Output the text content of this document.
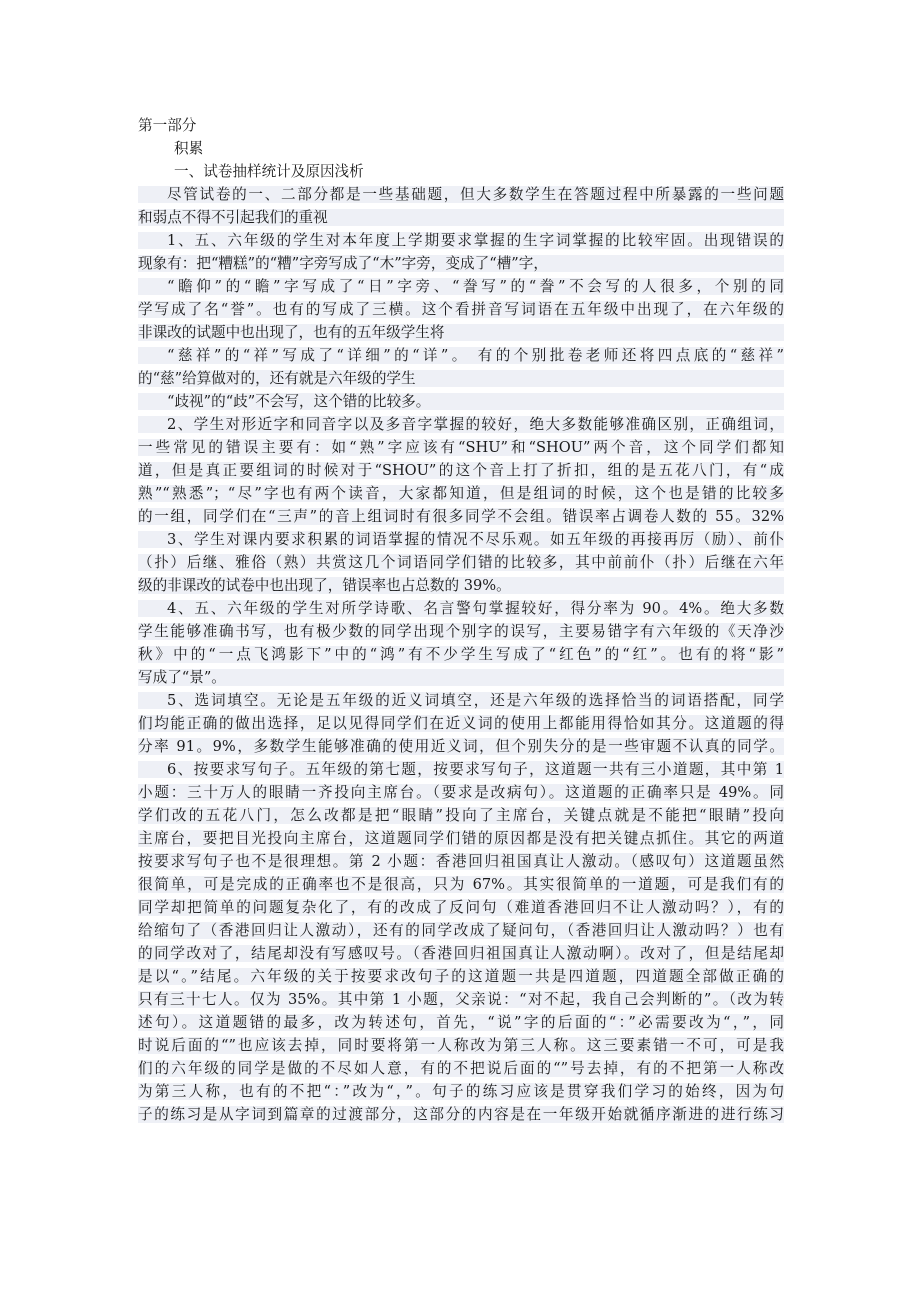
第一部分
积累
一、试卷抽样统计及原因浅析
尽管试卷的一、二部分都是一些基础题，但大多数学生在答题过程中所暴露的一些问题
和弱点不得不引起我们的重视
1、五、六年级的学生对本年度上学期要求掌握的生字词掌握的比较牢固。出现错误的
现象有：把“糟糕”的“糟”字旁写成了“木”字旁，变成了“槽”字，
“瞻仰”的“瞻”字写成了“日”字旁、“誊写”的“誊”不会写的人很多，个别的同
学写成了名“誉”。也有的写成了三横。这个看拼音写词语在五年级中出现了，在六年级的
非课改的试题中也出现了，也有的五年级学生将
“慈祥”的“祥”写成了“详细”的“详”。 有的个别批卷老师还将四点底的“慈祥”
的“慈”给算做对的，还有就是六年级的学生
“歧视”的“歧”不会写，这个错的比较多。
2、学生对形近字和同音字以及多音字掌握的较好，绝大多数能够准确区别，正确组词，
一些常见的错误主要有：如“熟”字应该有“SHU”和“SHOU”两个音，这个同学们都知
道，但是真正要组词的时候对于“SHOU”的这个音上打了折扣，组的是五花八门，有“成
熟”“熟悉”；“尽”字也有两个读音，大家都知道，但是组词的时候，这个也是错的比较多
的一组，同学们在“三声”的音上组词时有很多同学不会组。错误率占调卷人数的 55。32%
3、学生对课内要求积累的词语掌握的情况不尽乐观。如五年级的再接再厉（励）、前仆
（扑）后继、雅俗（熟）共赏这几个词语同学们错的比较多，其中前前仆（扑）后继在六年
级的非课改的试卷中也出现了，错误率也占总数的 39%。
4、五、六年级的学生对所学诗歌、名言警句掌握较好，得分率为 90。4%。绝大多数
学生能够准确书写，也有极少数的同学出现个别字的误写，主要易错字有六年级的《天净沙
秋》中的“一点飞鸿影下”中的“鸿”有不少学生写成了“红色”的“红”。也有的将“影”
写成了“景”。
5、选词填空。无论是五年级的近义词填空，还是六年级的选择恰当的词语搭配，同学
们均能正确的做出选择，足以见得同学们在近义词的使用上都能用得恰如其分。这道题的得
分率 91。9%，多数学生能够准确的使用近义词，但个别失分的是一些审题不认真的同学。
6、按要求写句子。五年级的第七题，按要求写句子，这道题一共有三小道题，其中第 1
小题：三十万人的眼睛一齐投向主席台。（要求是改病句）。这道题的正确率只是 49%。同
学们改的五花八门，怎么改都是把“眼睛”投向了主席台，关键点就是不能把“眼睛”投向
主席台，要把目光投向主席台，这道题同学们错的原因都是没有把关键点抓住。其它的两道
按要求写句子也不是很理想。第 2 小题：香港回归祖国真让人激动。（感叹句）这道题虽然
很简单，可是完成的正确率也不是很高，只为 67%。其实很简单的一道题，可是我们有的
同学却把简单的问题复杂化了，有的改成了反问句（难道香港回归不让人激动吗？），有的
给缩句了（香港回归让人激动），还有的同学改成了疑问句，（香港回归让人激动吗？）也有
的同学改对了，结尾却没有写感叹号。（香港回归祖国真让人激动啊）。改对了，但是结尾却
是以“。”结尾。六年级的关于按要求改句子的这道题一共是四道题，四道题全部做正确的
只有三十七人。仅为 35%。其中第 1 小题，父亲说：“对不起，我自己会判断的”。（改为转
述句）。这道题错的最多，改为转述句，首先，“说”字的后面的“：”必需要改为“，”，同
时说后面的“”也应该去掉，同时要将第一人称改为第三人称。这三要素错一不可，可是我
们的六年级的同学是做的不尽如人意，有的不把说后面的“”号去掉，有的不把第一人称改
为第三人称，也有的不把“：”改为“，”。句子的练习应该是贯穿我们学习的始终，因为句
子的练习是从字词到篇章的过渡部分，这部分的内容是在一年级开始就循序渐进的进行练习
